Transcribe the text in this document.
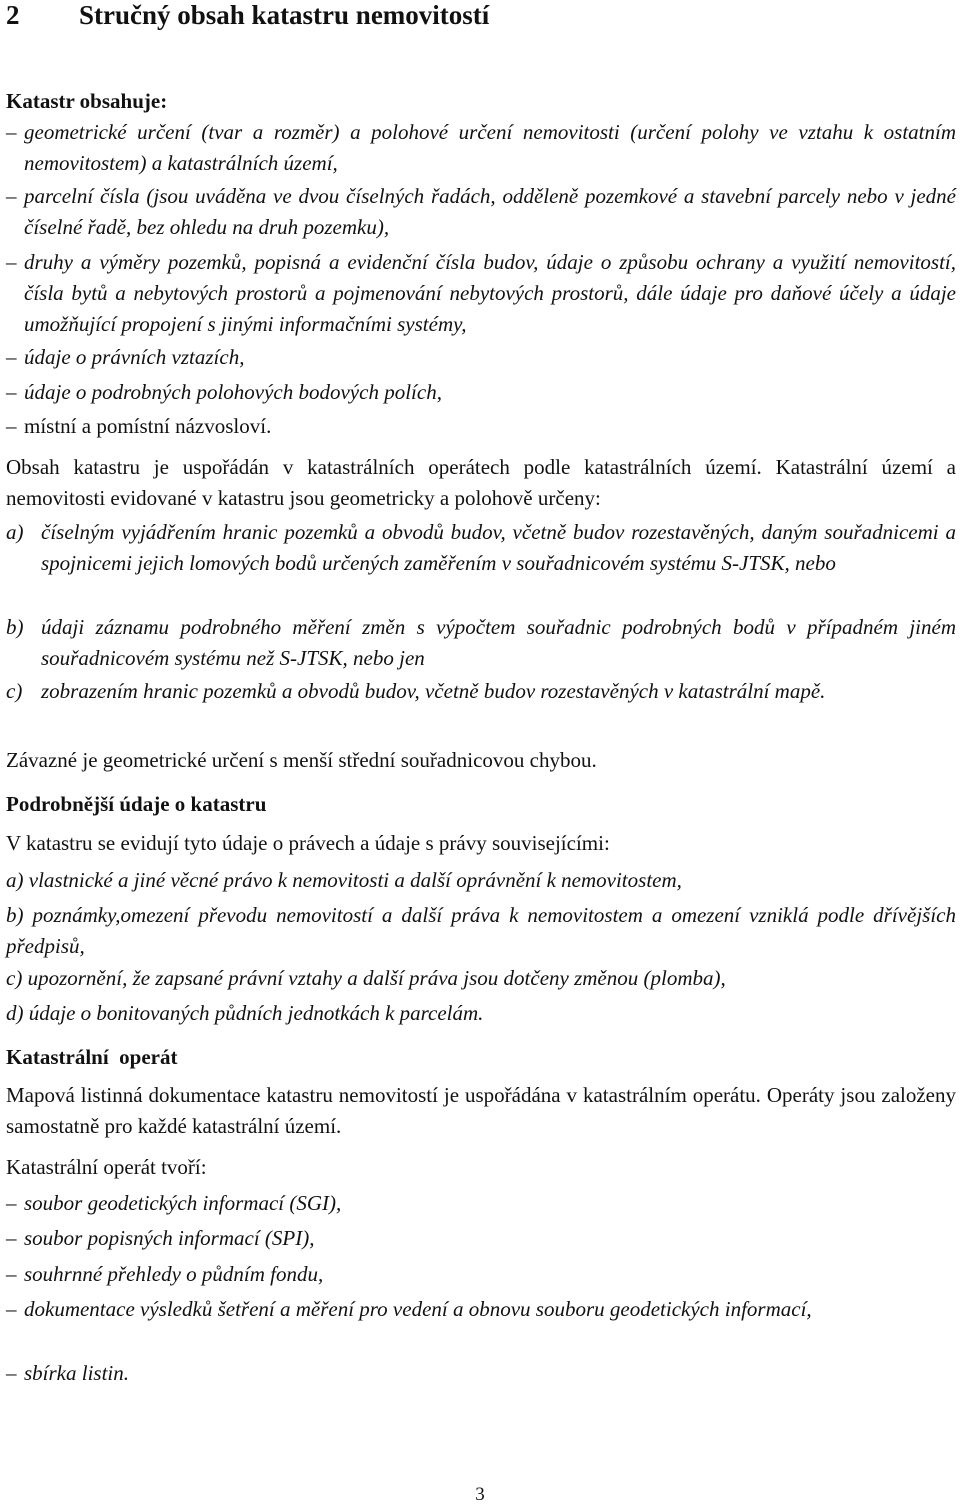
2 Stručný obsah katastru nemovitostí

Katastr obsahuje:

– geometrické určení (tvar a rozměr) a polohové určení nemovitosti (určení polohy ve vztahu k ostatním nemovitostem) a katastrálních území,

– parcelní čísla (jsou uváděna ve dvou číselných řadách, odděleně pozemkové a stavební parcely nebo v jedné číselné řadě, bez ohledu na druh pozemku),

– druhy a výměry pozemků, popisná a evidenční čísla budov, údaje o způsobu ochrany a využití nemovitostí, čísla bytů a nebytových prostorů a pojmenování nebytových prostorů, dále údaje pro daňové účely a údaje umožňující propojení s jinými informačními systémy,

– údaje o právních vztazích,

– údaje o podrobných polohových bodových polích,

– místní a pomístní názvosloví.

Obsah katastru je uspořádán v katastrálních operátech podle katastrálních území. Katastrální území a nemovitosti evidované v katastru jsou geometricky a polohově určeny:

a) číselným vyjádřením hranic pozemků a obvodů budov, včetně budov rozestavěných, daným souřadnicemi a spojnicemi jejich lomových bodů určených zaměřením v souřadnicovém systému S-JTSK, nebo

b) údaji záznamu podrobného měření změn s výpočtem souřadnic podrobných bodů v případném jiném souřadnicovém systému než S-JTSK, nebo jen

c) zobrazením hranic pozemků a obvodů budov, včetně budov rozestavěných v katastrální mapě.

Závazné je geometrické určení s menší střední souřadnicovou chybou.

Podrobnější údaje o katastru

V katastru se evidují tyto údaje o právech a údaje s právy souvisejícími:

a) vlastnické a jiné věcné právo k nemovitosti a další oprávnění k nemovitostem,

b) poznámky,omezení převodu nemovitostí a další práva k nemovitostem a omezení vzniklá podle dřívějších předpisů,

c) upozornění, že zapsané právní vztahy a další práva jsou dotčeny změnou (plomba),

d) údaje o bonitovaných půdních jednotkách k parcelám.

Katastrální  operát

Mapová listinná dokumentace katastru nemovitostí je uspořádána v katastrálním operátu. Operáty jsou založeny samostatně pro každé katastrální území.

Katastrální operát tvoří:

– soubor geodetických informací (SGI),

– soubor popisných informací (SPI),

– souhrnné přehledy o půdním fondu,

– dokumentace výsledků šetření a měření pro vedení a obnovu souboru geodetických informací,

– sbírka listin.

3
